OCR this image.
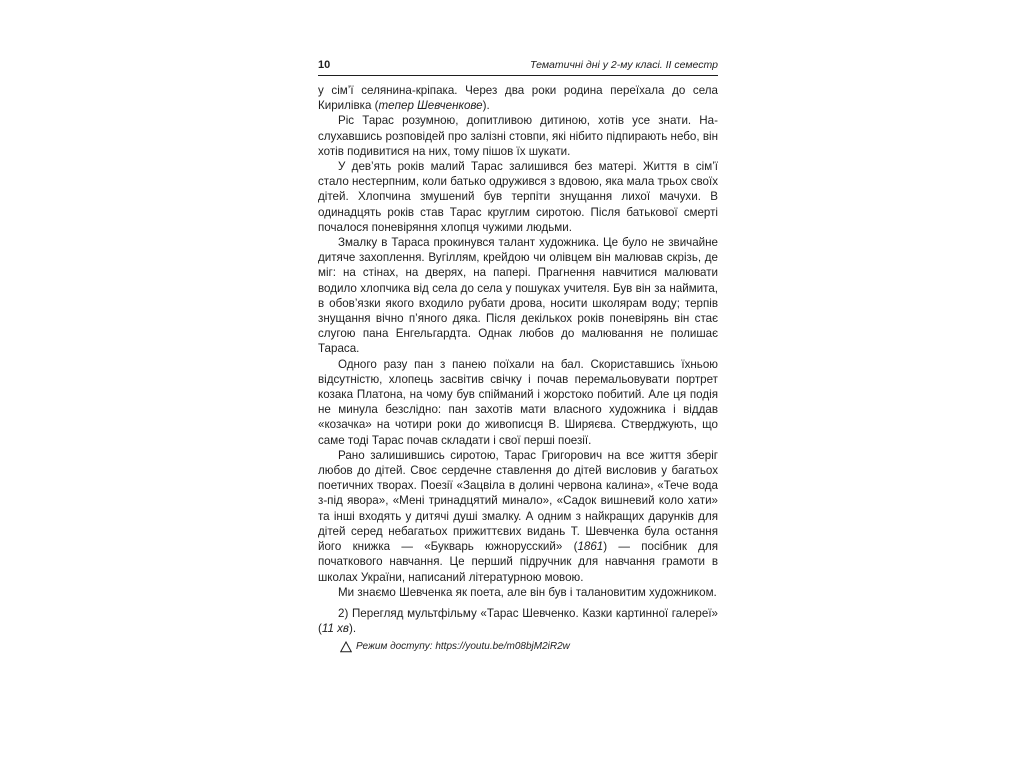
10	Тематичні дні у 2-му класі. II семестр

у сім’ї селянина-кріпака. Через два роки родина переїхала до села Кирилівка (тепер Шевченкове).

Ріс Тарас розумною, допитливою дитиною, хотів усе знати. Наслухавшись розповідей про залізні стовпи, які нібито підпирають небо, він хотів подивитися на них, тому пішов їх шукати.

У дев’ять років малий Тарас залишився без матері. Життя в сім’ї стало нестерпним, коли батько одружився з вдовою, яка мала трьох своїх дітей. Хлопчина змушений був терпіти знущання лихої мачухи. В одинадцять років став Тарас круглим сиротою. Після батькової смерті почалося поневіряння хлопця чужими людьми.

Змалку в Тараса прокинувся талант художника. Це було не звичайне дитяче захоплення. Вугіллям, крейдою чи олівцем він малював скрізь, де міг: на стінах, на дверях, на папері. Прагнення навчитися малювати водило хлопчика від села до села у пошуках учителя. Був він за наймита, в обов’язки якого входило рубати дрова, носити школярам воду; терпів знущання вічно п’яного дяка. Після декількох років поневірянь він стає слугою пана Енгельгардта. Однак любов до малювання не полишає Тараса.

Одного разу пан з панею поїхали на бал. Скориставшись їхньою відсутністю, хлопець засвітив свічку і почав перемальовувати портрет козака Платона, на чому був спійманий і жорстоко побитий. Але ця подія не минула безслідно: пан захотів мати власного художника і віддав «козачка» на чотири роки до живописця В. Ширяєва. Стверджують, що саме тоді Тарас почав складати і свої перші поезії.

Рано залишившись сиротою, Тарас Григорович на все життя зберіг любов до дітей. Своє сердечне ставлення до дітей висловив у багатьох поетичних творах. Поезії «Зацвіла в долині червона калина», «Тече вода з-під явора», «Мені тринадцятий минало», «Садок вишневий коло хати» та інші входять у дитячі душі змалку. А одним з найкращих дарунків для дітей серед небагатьох прижиттєвих видань Т. Шевченка була остання його книжка — «Букварь южнорусский» (1861) — посібник для початкового навчання. Це перший підручник для навчання грамоти в школах України, написаний літературною мовою.

Ми знаємо Шевченка як поета, але він був і талановитим художником.

2) Перегляд мультфільму «Тарас Шевченко. Казки картинної галереї» (11 хв).

Режим доступу: https://youtu.be/m08bjM2iR2w
